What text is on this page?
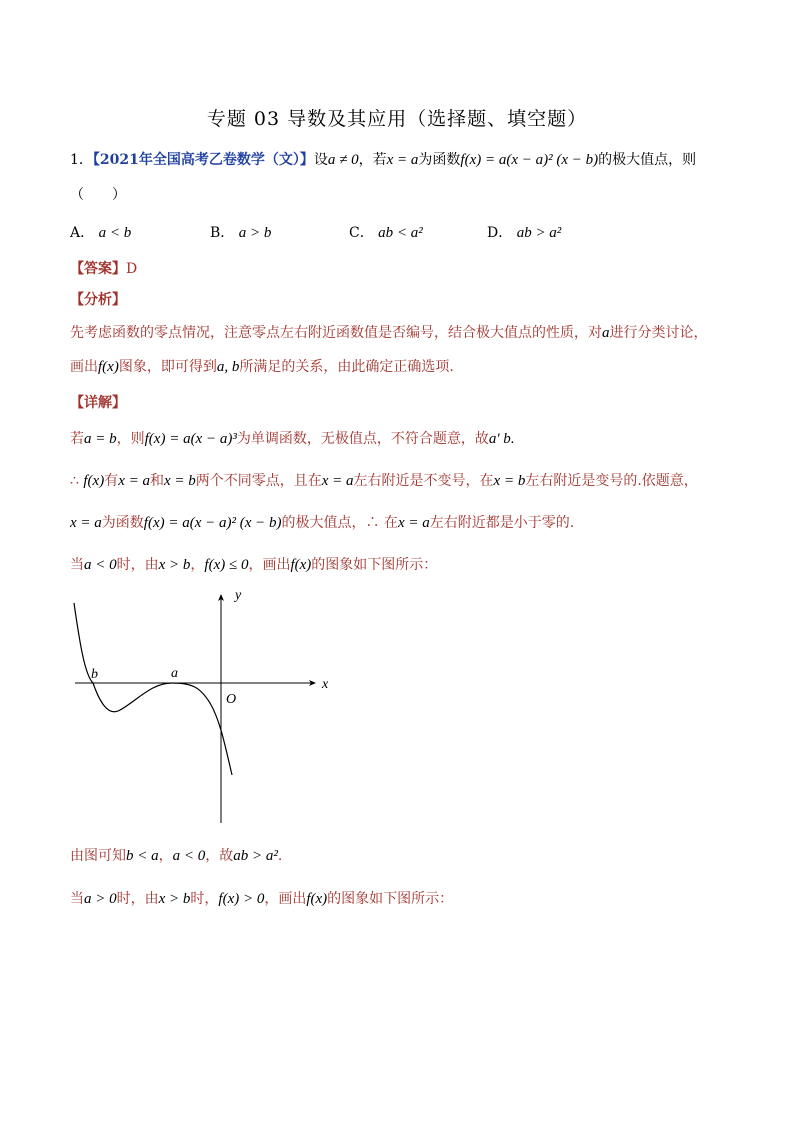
专题 03 导数及其应用（选择题、填空题）
1．【2021年全国高考乙卷数学（文）】设a ≠ 0，若x = a为函数f(x) = a(x − a)² (x − b)的极大值点，则
（　　）
A． a < b	B． a > b	C． ab < a²	D． ab > a²
【答案】D
【分析】
先考虑函数的零点情况，注意零点左右附近函数值是否编号，结合极大值点的性质，对a进行分类讨论，
画出f(x)图象，即可得到a, b所满足的关系，由此确定正确选项.
【详解】
若a = b，则f(x) = a(x − a)³为单调函数，无极值点，不符合题意，故a' b.
∴ f(x)有x = a和x = b两个不同零点，且在x = a左右附近是不变号，在x = b左右附近是变号的.依题意，
x = a为函数f(x) = a(x − a)² (x − b)的极大值点，∴ 在x = a左右附近都是小于零的.
当a < 0时，由x > b，f(x) ≤ 0，画出f(x)的图象如下图所示：
y
x
O
a
b
由图可知b < a，a < 0，故ab > a².
当a > 0时，由x > b时，f(x) > 0，画出f(x)的图象如下图所示：
